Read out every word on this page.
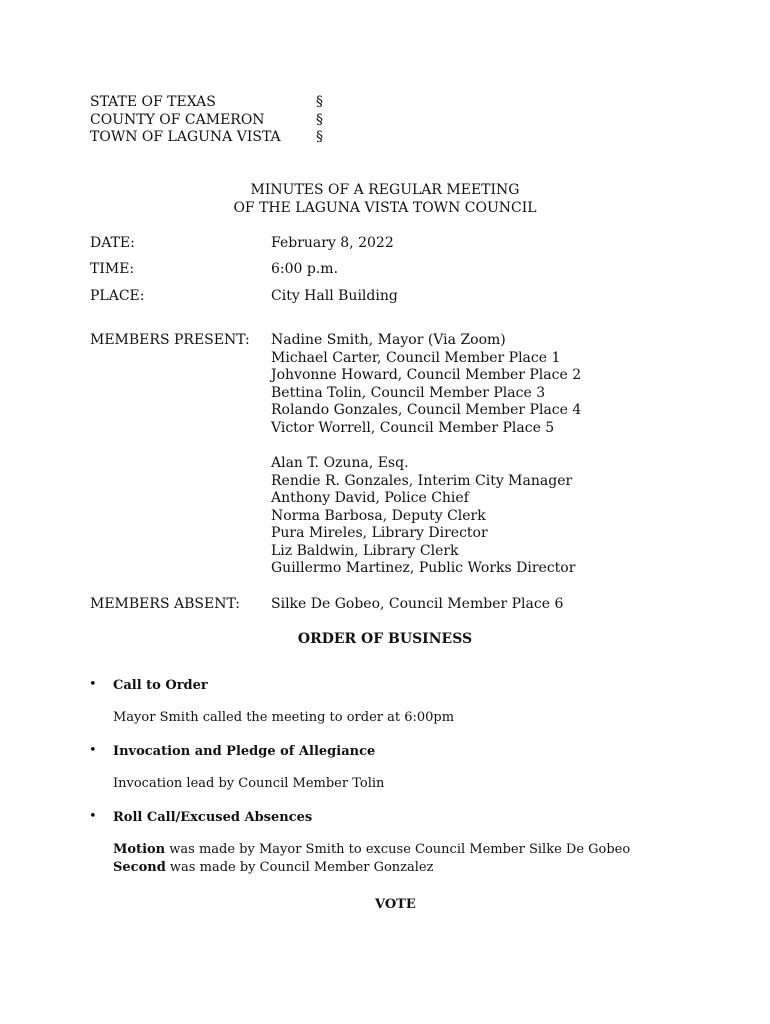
STATE OF TEXAS	§
COUNTY OF CAMERON	§
TOWN OF LAGUNA VISTA	§
MINUTES OF A REGULAR MEETING
OF THE LAGUNA VISTA TOWN COUNCIL
DATE:	February 8, 2022
TIME:	6:00 p.m.
PLACE:	City Hall Building
MEMBERS PRESENT: Nadine Smith, Mayor (Via Zoom)
Michael Carter, Council Member Place 1
Johvonne Howard, Council Member Place 2
Bettina Tolin, Council Member Place 3
Rolando Gonzales, Council Member Place 4
Victor Worrell, Council Member Place 5
Alan T. Ozuna, Esq.
Rendie R. Gonzales, Interim City Manager
Anthony David, Police Chief
Norma Barbosa, Deputy Clerk
Pura Mireles, Library Director
Liz Baldwin, Library Clerk
Guillermo Martinez, Public Works Director
MEMBERS ABSENT: Silke De Gobeo, Council Member Place 6
ORDER OF BUSINESS
• Call to Order
Mayor Smith called the meeting to order at 6:00pm
• Invocation and Pledge of Allegiance
Invocation lead by Council Member Tolin
• Roll Call/Excused Absences
Motion was made by Mayor Smith to excuse Council Member Silke De Gobeo
Second was made by Council Member Gonzalez
VOTE
